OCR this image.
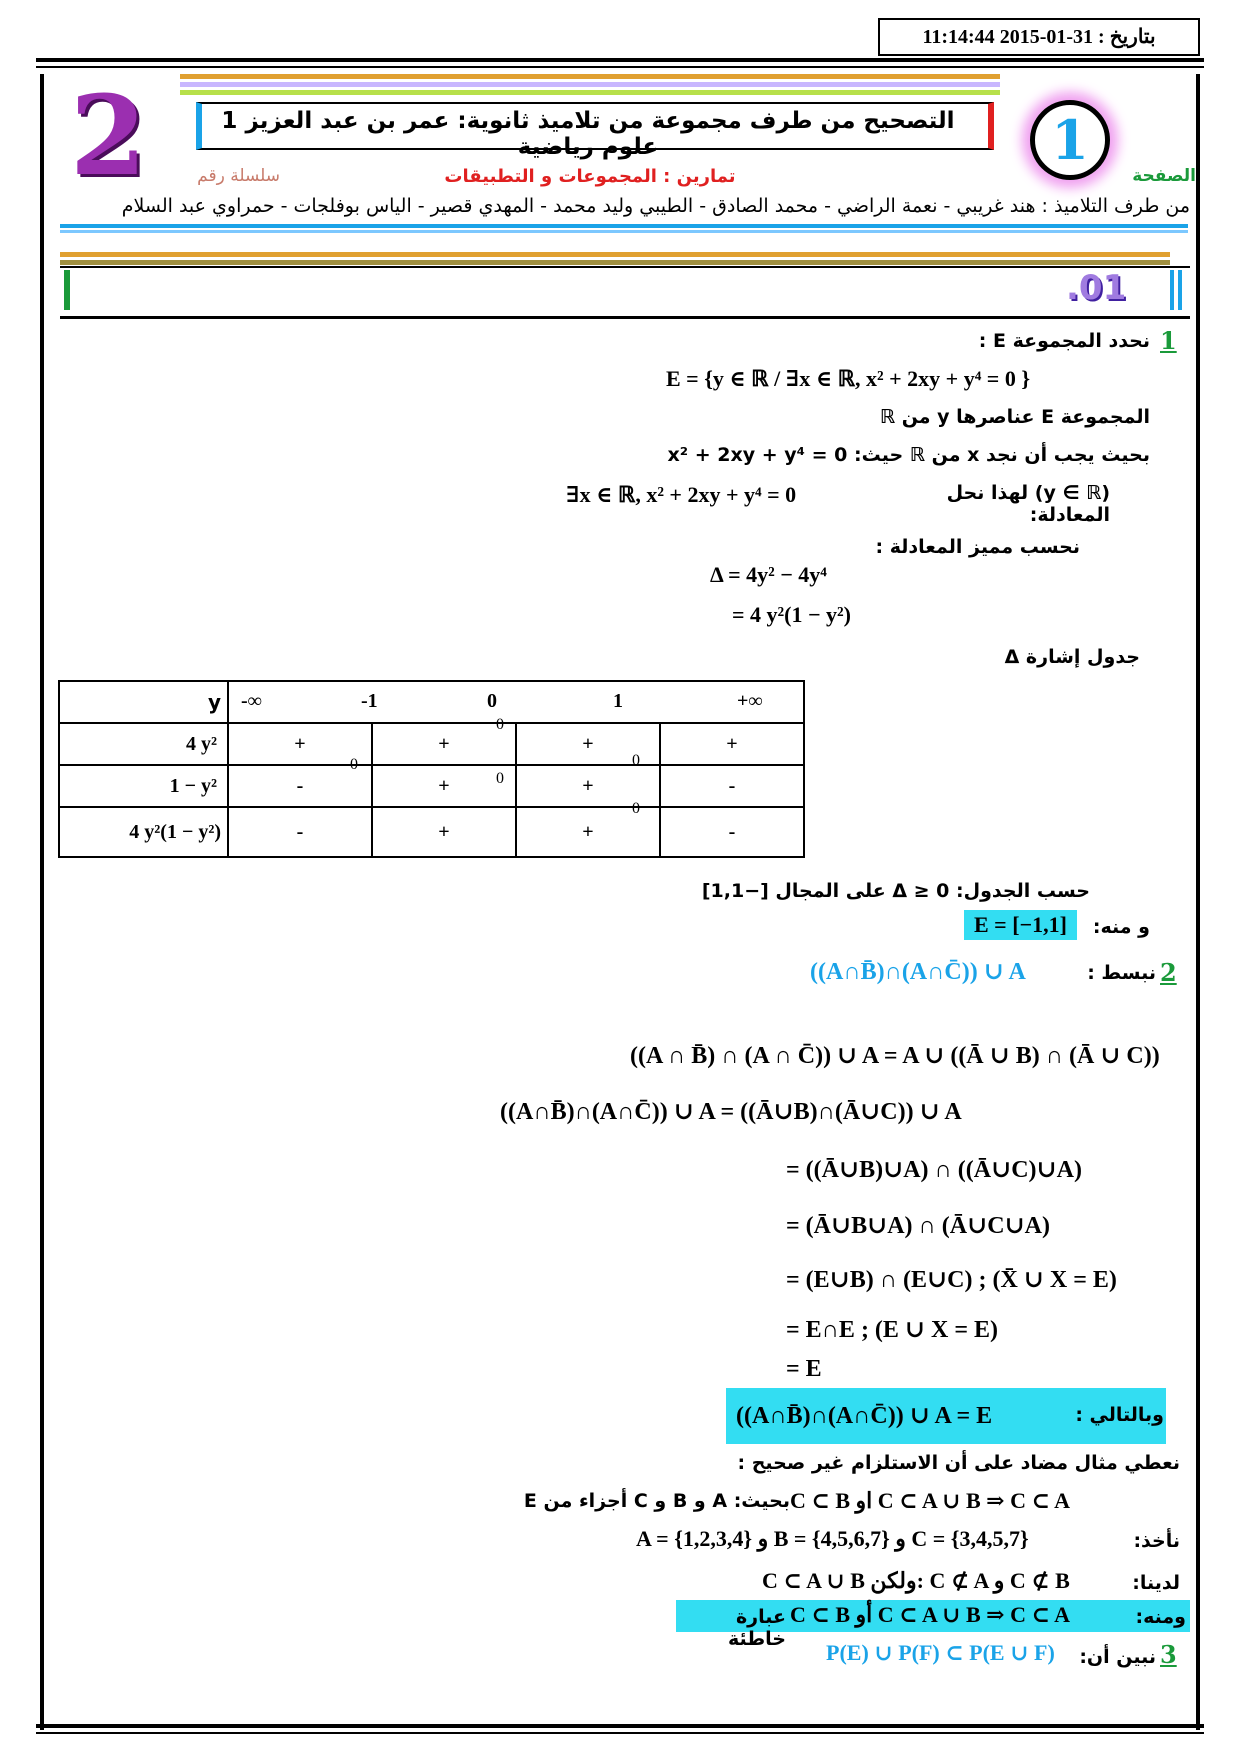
بتاريخ : 31-01-2015 11:14:44
2	1
التصحيح من طرف مجموعة من تلاميذ ثانوية: عمر بن عبد العزيز 1 علوم رياضية
الصفحة
تمارين : المجموعات و التطبيقات
سلسلة رقم
من طرف التلاميذ : هند غريبي - نعمة الراضي - محمد الصادق - الطيبي وليد محمد - المهدي قصير - الياس بوفلجات - حمراوي عبد السلام
.01
1
نحدد المجموعة E :
E = {y ∈ ℝ / ∃x ∈ ℝ, x² + 2xy + y⁴ = 0 }
المجموعة E عناصرها y من ℝ
بحيث يجب أن نجد x من ℝ حيث: x² + 2xy + y⁴ = 0
(y ∈ ℝ) لهذا نحل المعادلة:
∃x ∈ ℝ, x² + 2xy + y⁴ = 0
نحسب مميز المعادلة :
Δ = 4y² − 4y⁴
= 4 y²(1 − y²)
جدول إشارة Δ
y	-∞ -1 0 1 +∞			

4 y²	+	+	+	+
1 − y²	-	+	+	-
4 y²(1 − y²)	-	+	+	-
0
0
0
0
0
حسب الجدول: Δ ≥ 0 على المجال [−1,1]
و منه:
E = [−1,1]
2
نبسط :
((A∩B̄)∩(A∩C̄)) ∪ A
((A ∩ B̄) ∩ (A ∩ C̄)) ∪ A = A ∪ ((Ā ∪ B) ∩ (Ā ∪ C))
((A∩B̄)∩(A∩C̄)) ∪ A = ((Ā∪B)∩(Ā∪C)) ∪ A
= ((Ā∪B)∪A) ∩ ((Ā∪C)∪A)
= (Ā∪B∪A) ∩ (Ā∪C∪A)
= (E∪B) ∩ (E∪C) ; (X̄ ∪ X = E)
= E∩E ; (E ∪ X = E)
= E
وبالتالي :
((A∩B̄)∩(A∩C̄)) ∪ A = E
نعطي مثال مضاد على أن الاستلزام غير صحيح :
بحيث: A و B و C أجزاء من E C ⊂ B او C ⊂ A ∪ B ⇒ C ⊂ A
نأخذ:
A = {1,2,3,4} و B = {4,5,6,7} و C = {3,4,5,7}
لدينا:
C ⊂ A ∪ B ولكن: C ⊄ A و C ⊄ B
ومنه:
C ⊂ B أو C ⊂ A ∪ B ⇒ C ⊂ A
عبارة خاطئة
3
نبين أن:
P(E) ∪ P(F) ⊂ P(E ∪ F)
